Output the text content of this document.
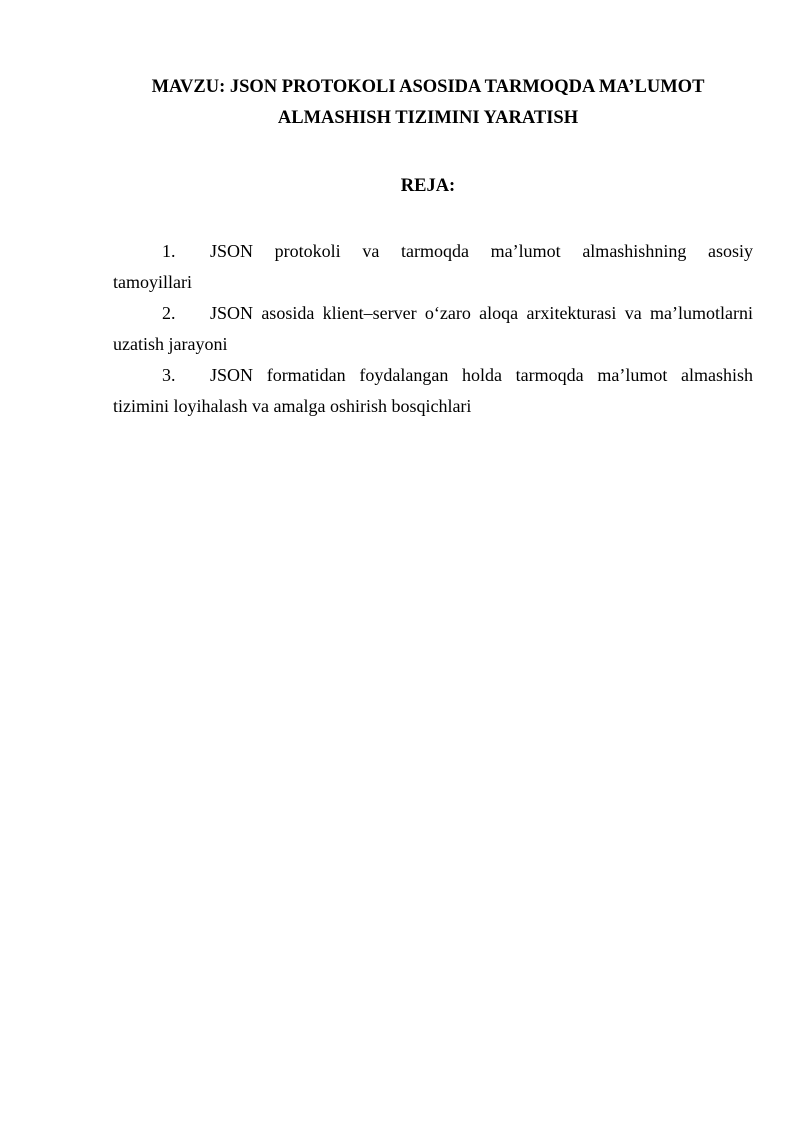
MAVZU: JSON PROTOKOLI ASOSIDA TARMOQDA MA’LUMOT
ALMASHISH TIZIMINI YARATISH
REJA:
1.	JSON protokoli va tarmoqda ma’lumot almashishning asosiy
tamoyillari
2.	JSON asosida klient–server o‘zaro aloqa arxitekturasi va ma’lumotlarni
uzatish jarayoni
3.	JSON formatidan foydalangan holda tarmoqda ma’lumot almashish
tizimini loyihalash va amalga oshirish bosqichlari
